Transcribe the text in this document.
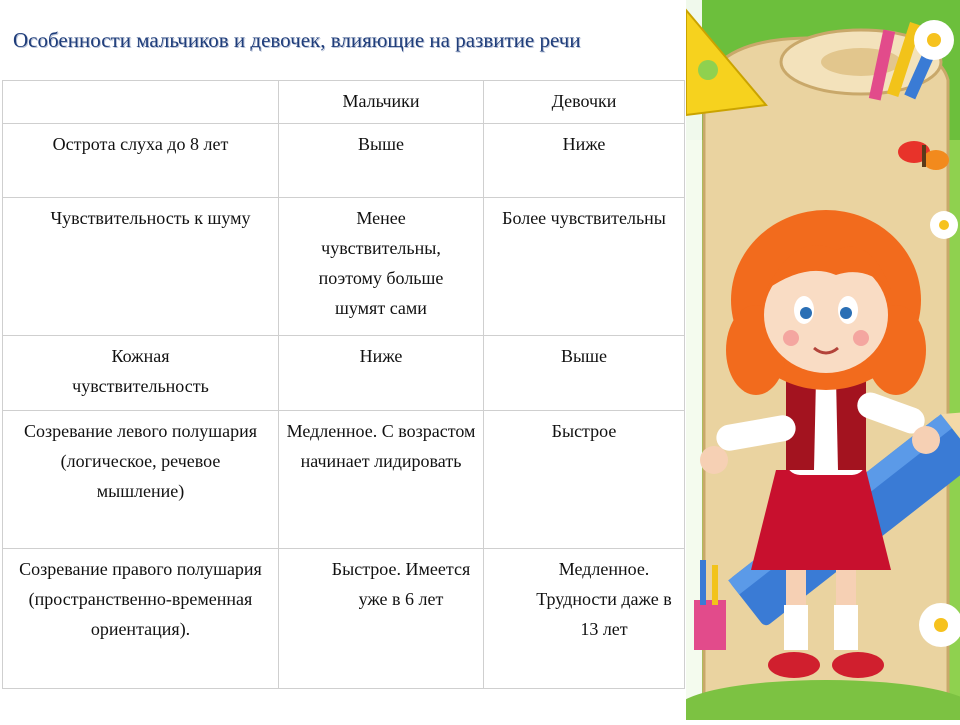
Особенности мальчиков и девочек, влияющие на развитие речи
	Мальчики	Девочки
Острота слуха до 8 лет	Выше	Ниже
Чувствительность к шуму	Менее чувствительны, поэтому больше шумят сами	Более чувствительны
Кожная чувствительность	Ниже	Выше
Созревание левого полушария (логическое, речевое мышление)	Медленное. С возрастом начинает лидировать	Быстрое
Созревание правого полушария (пространственно-временная ориентация).	Быстрое. Имеется уже в 6 лет	Медленное. Трудности даже в 13 лет
